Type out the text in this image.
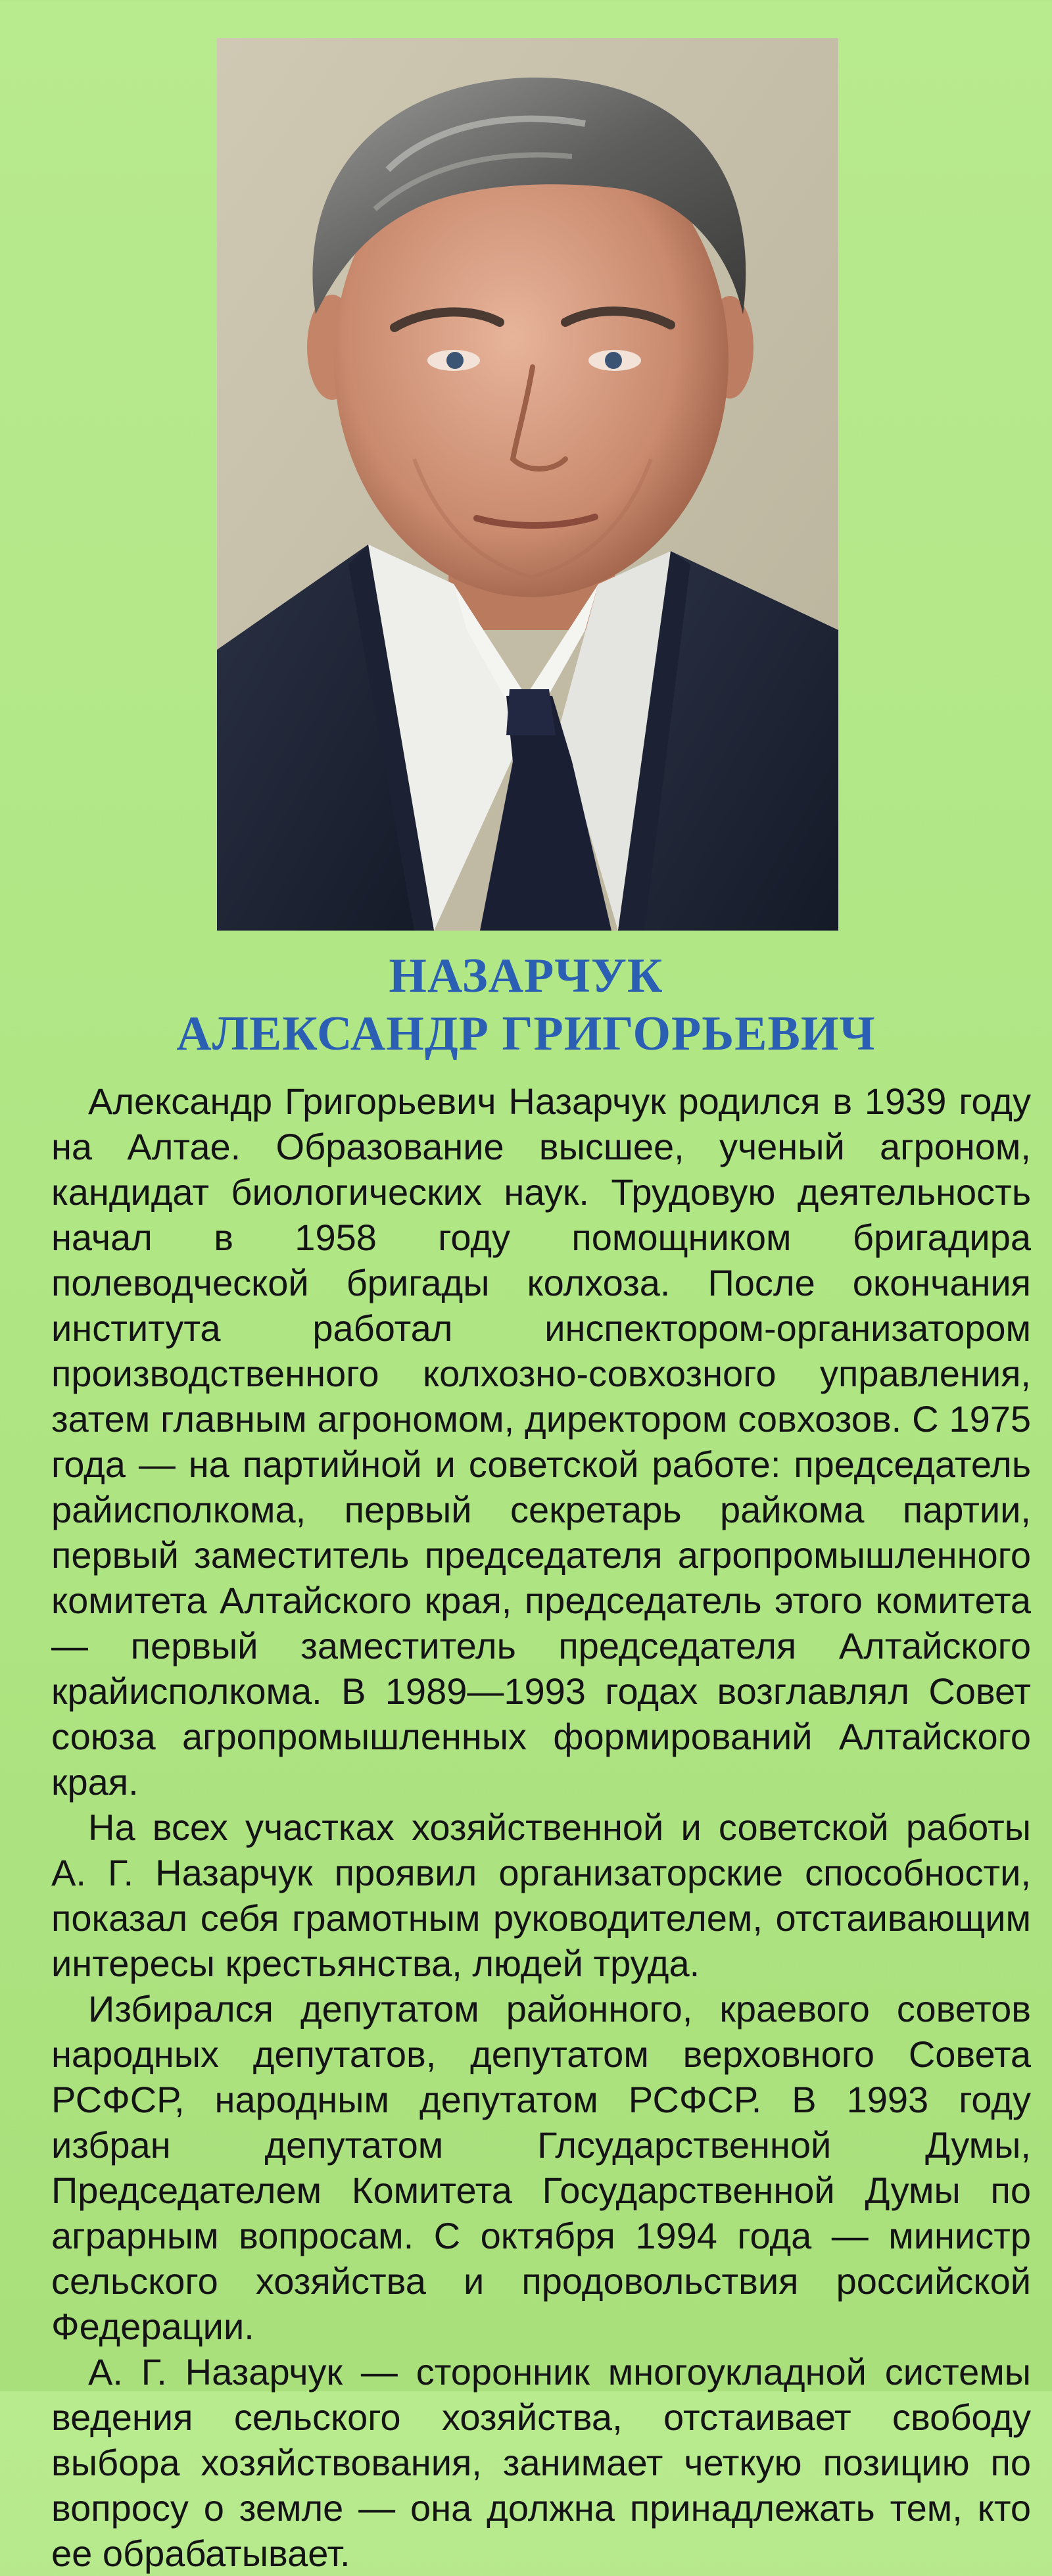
НАЗАРЧУК
АЛЕКСАНДР ГРИГОРЬЕВИЧ

Александр Григорьевич Назарчук родился в 1939 году на Алтае. Образование высшее, ученый агроном, кандидат биологических наук. Трудовую деятельность начал в 1958 году помощником бригадира полеводческой бригады колхоза. После окончания института работал инспектором-организатором производственного колхозно-совхозного управления, затем главным агрономом, директором совхозов. С 1975 года — на партийной и советской работе: председатель райисполкома, первый секретарь райкома партии, первый заместитель председателя агропромышленного комитета Алтайского края, председатель этого комитета — первый заместитель председателя Алтайского крайисполкома. В 1989—1993 годах возглавлял Совет союза агропромышленных формирований Алтайского края.

На всех участках хозяйственной и советской работы А. Г. Назарчук проявил организаторские способности, показал себя грамотным руководителем, отстаивающим интересы крестьянства, людей труда.

Избирался депутатом районного, краевого советов народных депутатов, депутатом верховного Совета РСФСР, народным депутатом РСФСР. В 1993 году избран депутатом Глсударственной Думы, Председателем Комитета Государственной Думы по аграрным вопросам. С октября 1994 года — министр сельского хозяйства и продовольствия российской Федерации.

А. Г. Назарчук — сторонник многоукладной системы ведения сельского хозяйства, отстаивает свободу выбора хозяйствования, занимает четкую позицию по вопросу о земле — она должна принадлежать тем, кто ее обрабатывает.
